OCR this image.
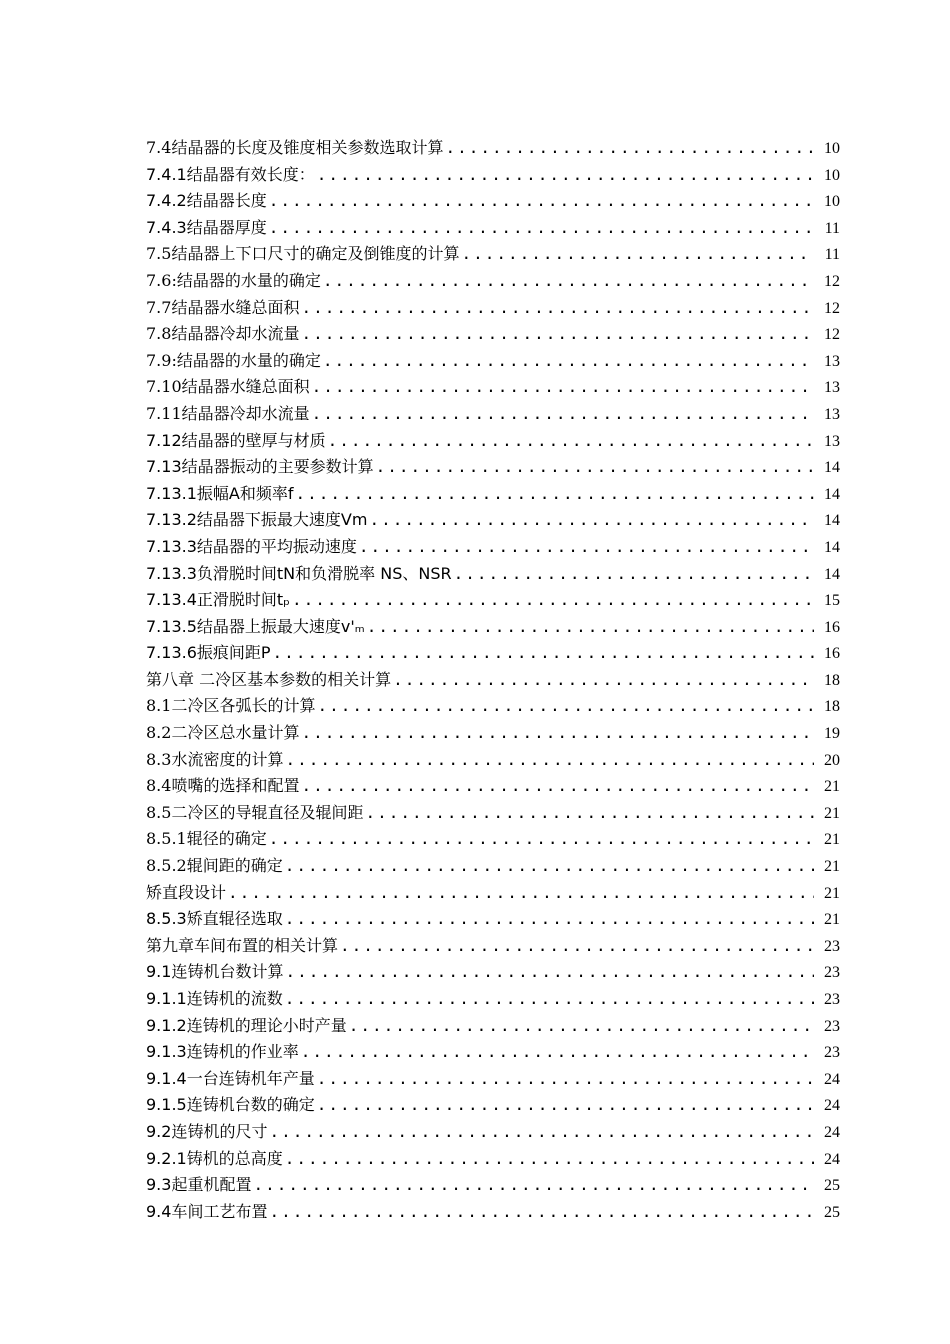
7.4结晶器的长度及锥度相关参数选取计算 .....	10
7.4.1结晶器有效长度： .....	10
7.4.2结晶器长度 .....	10
7.4.3结晶器厚度 .....	11
7.5结晶器上下口尺寸的确定及倒锥度的计算 .....	11
7.6:结晶器的水量的确定 .....	12
7.7结晶器水缝总面积 .....	12
7.8结晶器冷却水流量 .....	12
7.9:结晶器的水量的确定 .....	13
7.10结晶器水缝总面积 .....	13
7.11结晶器冷却水流量 .....	13
7.12结晶器的壁厚与材质 .....	13
7.13结晶器振动的主要参数计算 .....	14
7.13.1振幅A和频率f .....	14
7.13.2结晶器下振最大速度Vm .....	14
7.13.3结晶器的平均振动速度 .....	14
7.13.3负滑脱时间tN和负滑脱率 NS、NSR .....	14
7.13.4正滑脱时间tₚ .....	15
7.13.5结晶器上振最大速度v'ₘ .....	16
7.13.6振痕间距P .....	16
第八章 二冷区基本参数的相关计算 .....	18
8.1二冷区各弧长的计算 .....	18
8.2二冷区总水量计算 .....	19
8.3水流密度的计算 .....	20
8.4喷嘴的选择和配置 .....	21
8.5二冷区的导辊直径及辊间距 .....	21
8.5.1辊径的确定 .....	21
8.5.2辊间距的确定 .....	21
矫直段设计 .....	21
8.5.3矫直辊径选取 .....	21
第九章车间布置的相关计算 .....	23
9.1连铸机台数计算 .....	23
9.1.1连铸机的流数 .....	23
9.1.2连铸机的理论小时产量 .....	23
9.1.3连铸机的作业率 .....	23
9.1.4一台连铸机年产量 .....	24
9.1.5连铸机台数的确定 .....	24
9.2连铸机的尺寸 .....	24
9.2.1铸机的总高度 .....	24
9.3起重机配置 .....	25
9.4车间工艺布置 .....	25
